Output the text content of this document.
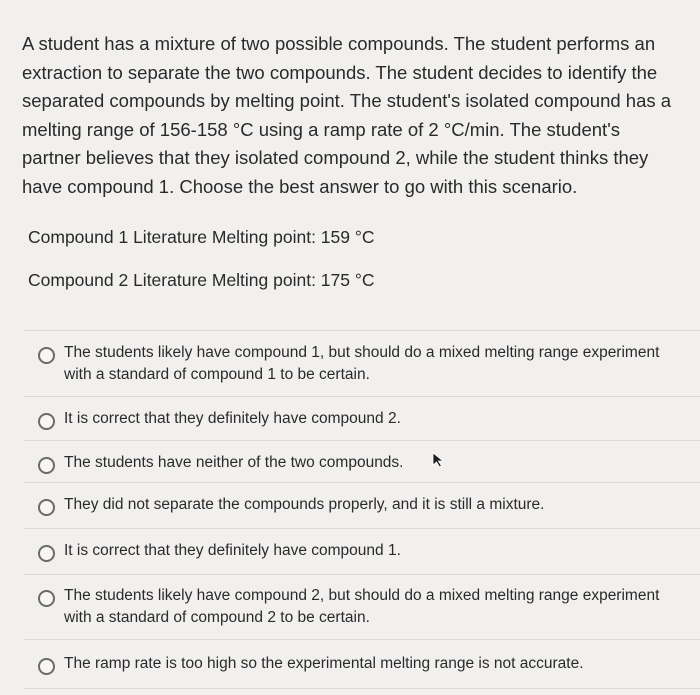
A student has a mixture of two possible compounds. The student performs an extraction to separate the two compounds. The student decides to identify the separated compounds by melting point. The student's isolated compound has a melting range of 156-158 °C using a ramp rate of 2 °C/min. The student's partner believes that they isolated compound 2, while the student thinks they have compound 1. Choose the best answer to go with this scenario.
Compound 1 Literature Melting point: 159 °C
Compound 2 Literature Melting point: 175 °C
The students likely have compound 1, but should do a mixed melting range experiment with a standard of compound 1 to be certain.
It is correct that they definitely have compound 2.
The students have neither of the two compounds.
They did not separate the compounds properly, and it is still a mixture.
It is correct that they definitely have compound 1.
The students likely have compound 2, but should do a mixed melting range experiment with a standard of compound 2 to be certain.
The ramp rate is too high so the experimental melting range is not accurate.
